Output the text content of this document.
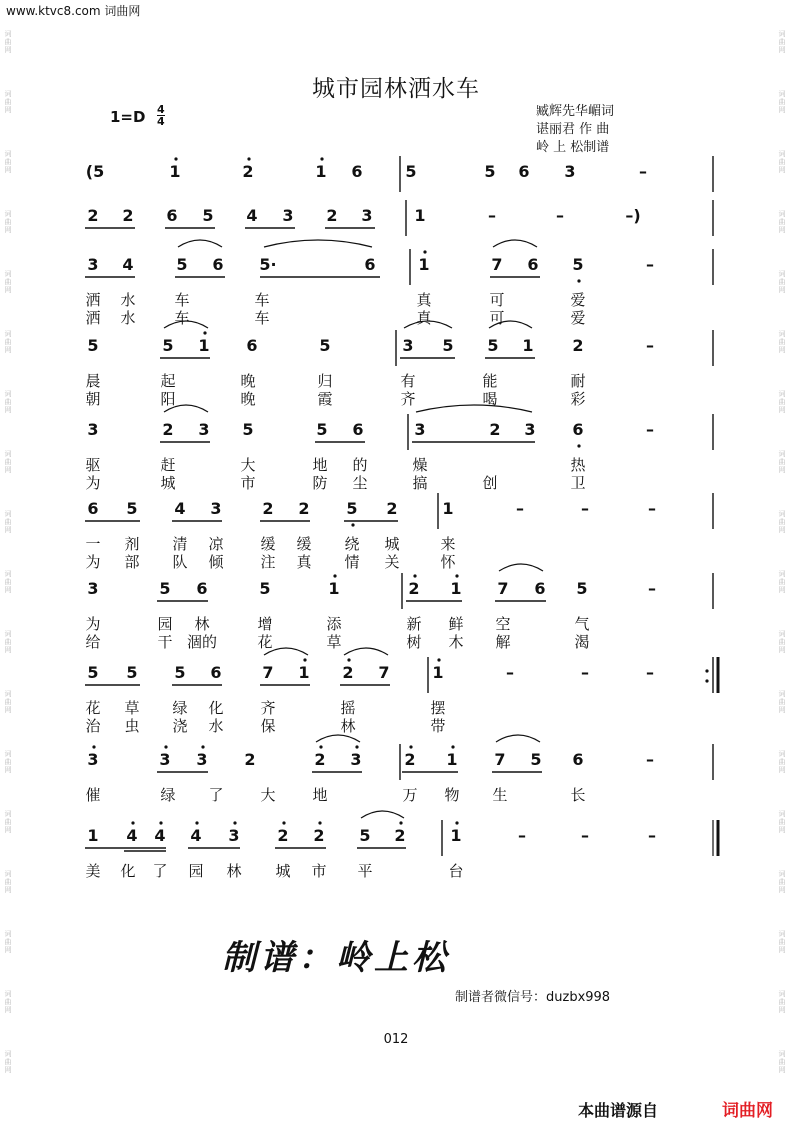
www.ktvc8.com 词曲网
词曲网
词曲网
词曲网
词曲网
词曲网
词曲网
词曲网
词曲网
词曲网
词曲网
词曲网
词曲网
词曲网
词曲网
词曲网
词曲网
词曲网
词曲网
词曲网
词曲网
词曲网
词曲网
词曲网
词曲网
词曲网
词曲网
词曲网
词曲网
词曲网
词曲网
词曲网
词曲网
词曲网
词曲网
词曲网
词曲网
城市园林洒水车
1=D 4
4
臧辉先华嵋词
谌丽君 作 曲
岭 上 松制谱
(5	1	2	1 6	5	5 6 3	–
2 2 6 5 4 3 2 3	1	–	–	–)
3 4	5 6 5·	6	1	7 6 5	–
洒 水	车	车	真	可	爱
洒 水	车	车	真	可	爱
5	5 1 6	5	3 5 5 1 2	–
晨	起	晚	归	有	能	耐
朝	阳	晚	霞	齐	喝	彩
3	2 3 5	5 6	3	2 3 6	–
驱	赶	大	地 的	燥	热
为	城	市	防 尘	搞	创	卫
6 5 4 3	2 2 5 2	1	–	–	–
一 剂 清 凉 缓 缓 绕 城	来
为 部 队 倾 注 真 情 关	怀
3	5 6	5	1	2 1 7 6 5	–
为	园 林	增	添	新 鲜 空	气
给	干 涸的	花	草	树 木 解	渴
5 5 5 6	7 1 2 7	1	–	–	–
花 草 绿 化 齐	摇	摆
治 虫 浇 水 保	林	带
3	3 3 2	2 3	2 1 7 5 6	–
催	绿 了 大 地	万 物 生	长
1 4 4 4 3 2 2 5 2	1	–	–	–
美 化 了 园 林 城 市 平	台
制谱：岭上松
制谱者微信号：duzbx998
012
本曲谱源自	词曲网
